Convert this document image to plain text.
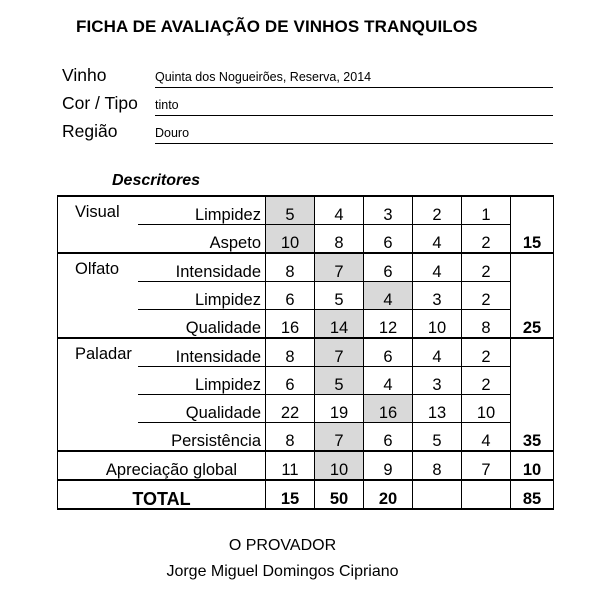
FICHA DE AVALIAÇÃO DE VINHOS TRANQUILOS
Vinho	Quinta dos Nogueirões, Reserva, 2014
Cor / Tipo tinto
Região	Douro
Descritores
Visual	Limpidez	5	4	3	2	1	
	Aspeto	10	8	6	4	2	15
Olfato	Intensidade	8	7	6	4	2	
	Limpidez	6	5	4	3	2	
	Qualidade	16	14	12	10	8	25
Paladar	Intensidade	8	7	6	4	2	
	Limpidez	6	5	4	3	2	
	Qualidade	22	19	16	13	10	
	Persistência	8	7	6	5	4	35
Apreciação global		11	10	9	8	7	10
TOTAL		15	50	20			85
O PROVADOR
Jorge Miguel Domingos Cipriano
